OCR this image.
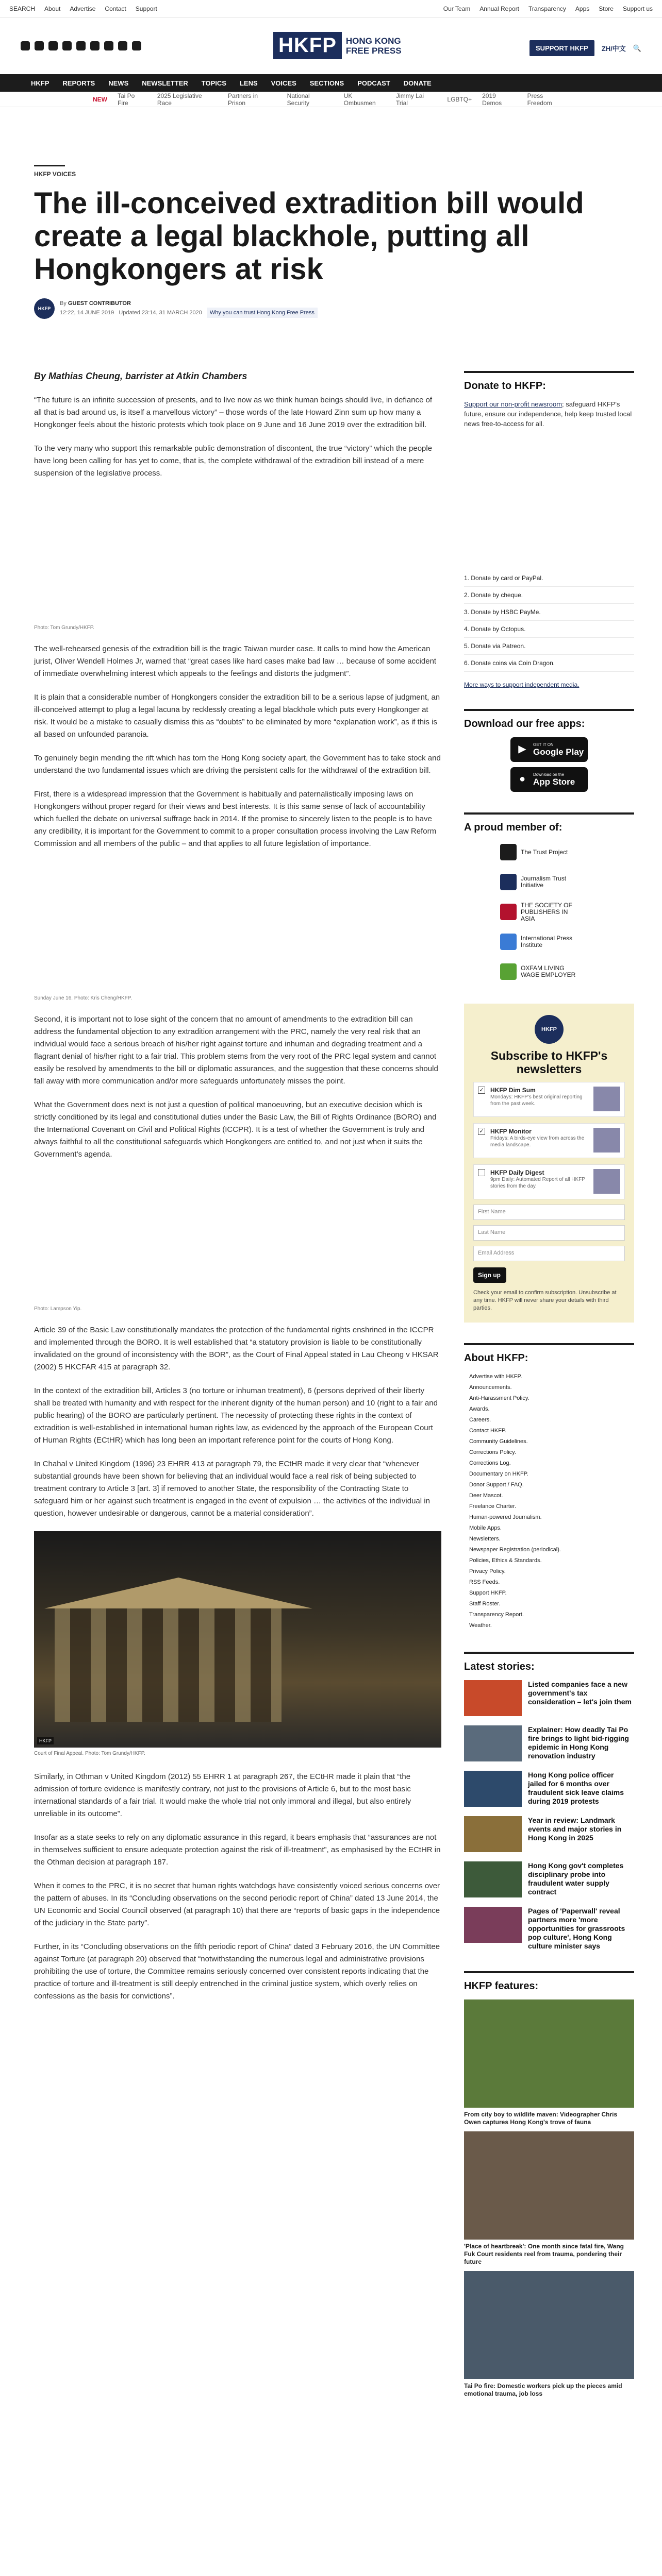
SEARCH About Advertise Contact Support	Our Team Annual Report Transparency Apps Store Support us
HKFP	HONG KONG
FREE PRESS	SUPPORT HKFP	ZH/中文 🔍
HKFP REPORTS NEWS NEWSLETTER TOPICS LENS VOICES SECTIONS PODCAST DONATE
NEW Tai Po Fire
2025 Legislative Race
Partners in Prison
National Security
UK Ombusmen
Jimmy Lai Trial	LGBTQ+ 2019 Demos
Press Freedom
HKFP VOICES
The ill-conceived extradition bill would create a legal blackhole, putting all Hongkongers at risk
HKFP
By GUEST CONTRIBUTOR
12:22, 14 JUNE 2019 Updated 23:14, 31 MARCH 2020 Why you can trust Hong Kong Free Press
By Mathias Cheung, barrister at Atkin Chambers

“The future is an infinite succession of presents, and to live now as we think human beings should live, in defiance of all that is bad around us, is itself a marvellous victory” – those words of the late Howard Zinn sum up how many a Hongkonger feels about the historic protests which took place on 9 June and 16 June 2019 over the extradition bill.

To the very many who support this remarkable public demonstration of discontent, the true “victory” which the people have long been calling for has yet to come, that is, the complete withdrawal of the extradition bill instead of a mere suspension of the legislative process.

Photo: Tom Grundy/HKFP.

The well-rehearsed genesis of the extradition bill is the tragic Taiwan murder case. It calls to mind how the American jurist, Oliver Wendell Holmes Jr, warned that “great cases like hard cases make bad law … because of some accident of immediate overwhelming interest which appeals to the feelings and distorts the judgment”.

It is plain that a considerable number of Hongkongers consider the extradition bill to be a serious lapse of judgment, an ill-conceived attempt to plug a legal lacuna by recklessly creating a legal blackhole which puts every Hongkonger at risk. It would be a mistake to casually dismiss this as “doubts” to be eliminated by more “explanation work”, as if this is all based on unfounded paranoia.

To genuinely begin mending the rift which has torn the Hong Kong society apart, the Government has to take stock and understand the two fundamental issues which are driving the persistent calls for the withdrawal of the extradition bill.

First, there is a widespread impression that the Government is habitually and paternalistically imposing laws on Hongkongers without proper regard for their views and best interests. It is this same sense of lack of accountability which fuelled the debate on universal suffrage back in 2014. If the promise to sincerely listen to the people is to have any credibility, it is important for the Government to commit to a proper consultation process involving the Law Reform Commission and all members of the public – and that applies to all future legislation of importance.

Sunday June 16. Photo: Kris Cheng/HKFP.

Second, it is important not to lose sight of the concern that no amount of amendments to the extradition bill can address the fundamental objection to any extradition arrangement with the PRC, namely the very real risk that an individual would face a serious breach of his/her right against torture and inhuman and degrading treatment and a flagrant denial of his/her right to a fair trial. This problem stems from the very root of the PRC legal system and cannot easily be resolved by amendments to the bill or diplomatic assurances, and the suggestion that these concerns should fall away with more communication and/or more safeguards unfortunately misses the point.

What the Government does next is not just a question of political manoeuvring, but an executive decision which is strictly conditioned by its legal and constitutional duties under the Basic Law, the Bill of Rights Ordinance (BORO) and the International Covenant on Civil and Political Rights (ICCPR). It is a test of whether the Government is truly and always faithful to all the constitutional safeguards which Hongkongers are entitled to, and not just when it suits the Government’s agenda.

Photo: Lampson Yip.

Article 39 of the Basic Law constitutionally mandates the protection of the fundamental rights enshrined in the ICCPR and implemented through the BORO. It is well established that “a statutory provision is liable to be constitutionally invalidated on the ground of inconsistency with the BOR”, as the Court of Final Appeal stated in Lau Cheong v HKSAR (2002) 5 HKCFAR 415 at paragraph 32.

In the context of the extradition bill, Articles 3 (no torture or inhuman treatment), 6 (persons deprived of their liberty shall be treated with humanity and with respect for the inherent dignity of the human person) and 10 (right to a fair and public hearing) of the BORO are particularly pertinent. The necessity of protecting these rights in the context of extradition is well-established in international human rights law, as evidenced by the approach of the European Court of Human Rights (ECtHR) which has long been an important reference point for the courts of Hong Kong.

In Chahal v United Kingdom (1996) 23 EHRR 413 at paragraph 79, the ECtHR made it very clear that “whenever substantial grounds have been shown for believing that an individual would face a real risk of being subjected to treatment contrary to Article 3 [art. 3] if removed to another State, the responsibility of the Contracting State to safeguard him or her against such treatment is engaged in the event of expulsion … the activities of the individual in question, however undesirable or dangerous, cannot be a material consideration”.

HKFP
Court of Final Appeal. Photo: Tom Grundy/HKFP.

Similarly, in Othman v United Kingdom (2012) 55 EHRR 1 at paragraph 267, the ECtHR made it plain that “the admission of torture evidence is manifestly contrary, not just to the provisions of Article 6, but to the most basic international standards of a fair trial. It would make the whole trial not only immoral and illegal, but also entirely unreliable in its outcome”.

Insofar as a state seeks to rely on any diplomatic assurance in this regard, it bears emphasis that “assurances are not in themselves sufficient to ensure adequate protection against the risk of ill-treatment”, as emphasised by the ECtHR in the Othman decision at paragraph 187.

When it comes to the PRC, it is no secret that human rights watchdogs have consistently voiced serious concerns over the pattern of abuses. In its “Concluding observations on the second periodic report of China” dated 13 June 2014, the UN Economic and Social Council observed (at paragraph 10) that there are “reports of basic gaps in the independence of the judiciary in the State party”.

Further, in its “Concluding observations on the fifth periodic report of China” dated 3 February 2016, the UN Committee against Torture (at paragraph 20) observed that “notwithstanding the numerous legal and administrative provisions prohibiting the use of torture, the Committee remains seriously concerned over consistent reports indicating that the practice of torture and ill-treatment is still deeply entrenched in the criminal justice system, which overly relies on confessions as the basis for convictions”.

Donate to HKFP:
Support our non-profit newsroom; safeguard HKFP's future, ensure our independence, help keep trusted local news free-to-access for all.
1. Donate by card or PayPal.
2. Donate by cheque.
3. Donate by HSBC PayMe.
4. Donate by Octopus.
5. Donate via Patreon.
6. Donate coins via Coin Dragon.
More ways to support independent media.
Download our free apps:
▶	GET IT ON
Google Play
●	Download on the
App Store
A proud member of:
The Trust Project
Journalism Trust Initiative
THE SOCIETY OF PUBLISHERS IN ASIA
International Press Institute
OXFAM LIVING WAGE EMPLOYER
HKFP
Subscribe to HKFP's newsletters
✓ HKFP Dim Sum
Mondays: HKFP's best original reporting from the past week.
✓ HKFP Monitor
Fridays: A birds-eye view from across the media landscape.
HKFP Daily Digest
9pm Daily: Automated Report of all HKFP stories from the day.
First Name
Last Name
Email Address
Sign up
Check your email to confirm subscription. Unsubscribe at any time. HKFP will never share your details with third parties.
About HKFP:
Advertise with HKFP.
Announcements.
Anti-Harassment Policy.
Awards.
Careers.
Contact HKFP.
Community Guidelines.
Corrections Policy.
Corrections Log.
Documentary on HKFP.
Donor Support / FAQ.
Deer Mascot.
Freelance Charter.
Human-powered Journalism.
Mobile Apps.
Newsletters.
Newspaper Registration (periodical).
Policies, Ethics & Standards.
Privacy Policy.
RSS Feeds.
Support HKFP.
Staff Roster.
Transparency Report.
Weather.
Latest stories:
Listed companies face a new government's tax consideration – let's join them
Explainer: How deadly Tai Po fire brings to light bid-rigging epidemic in Hong Kong renovation industry
Hong Kong police officer jailed for 6 months over fraudulent sick leave claims during 2019 protests
Year in review: Landmark events and major stories in Hong Kong in 2025
Hong Kong gov't completes disciplinary probe into fraudulent water supply contract
Pages of 'Paperwall' reveal partners more 'more opportunities for grassroots pop culture', Hong Kong culture minister says
HKFP features:
From city boy to wildlife maven: Videographer Chris Owen captures Hong Kong's trove of fauna
'Place of heartbreak': One month since fatal fire, Wang Fuk Court residents reel from trauma, pondering their future
Tai Po fire: Domestic workers pick up the pieces amid emotional trauma, job loss
